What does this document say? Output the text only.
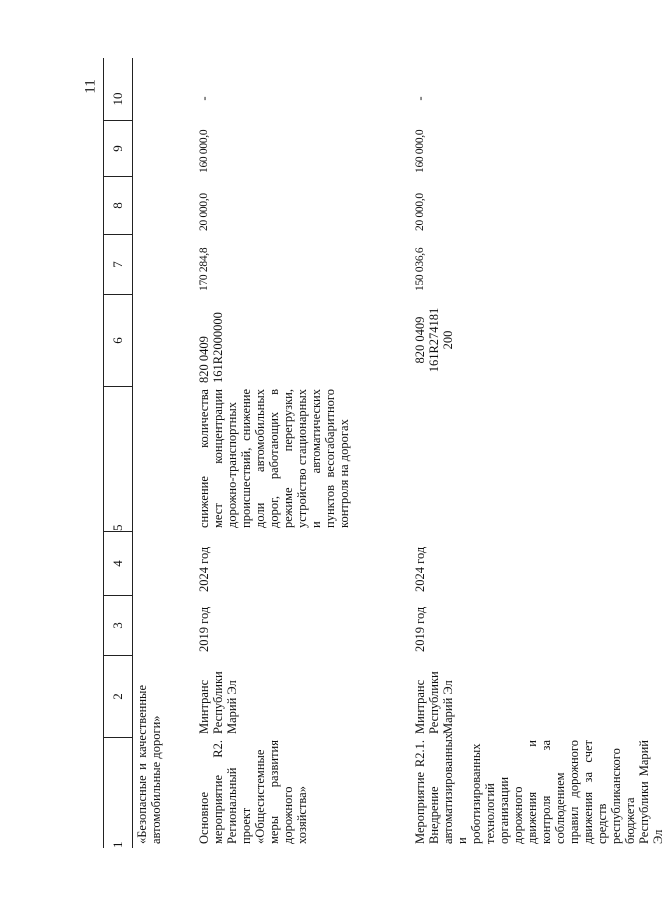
11
1
2
3
4
5
6
7
8
9
10
«Безопасные и качественные автомобильные дороги»	Основное мероприятие R2. Региональный проект «Общесистемные меры развития дорожного хозяйства»
Минтранс Республики Марий Эл
2019 год
2024 год
снижение количества мест концентрации дорожно-транспортных происшествий, снижение доли автомобильных дорог, работающих в режиме перегрузки, устройство стационарных и автоматических пунктов весогабаритного контроля на дорогах
820 0409 161R2000000
170 284,8
20 000,0
160 000,0
-
Мероприятие R2.1. Внедрение автоматизированных и роботизированных технологий организации дорожного движения и контроля за соблюдением правил дорожного движения за счет средств республиканского бюджета Республики Марий Эл
Минтранс Республики Марий Эл
2019 год
2024 год
820 0409 161R274181 200
150 036,6
20 000,0
160 000,0
-
